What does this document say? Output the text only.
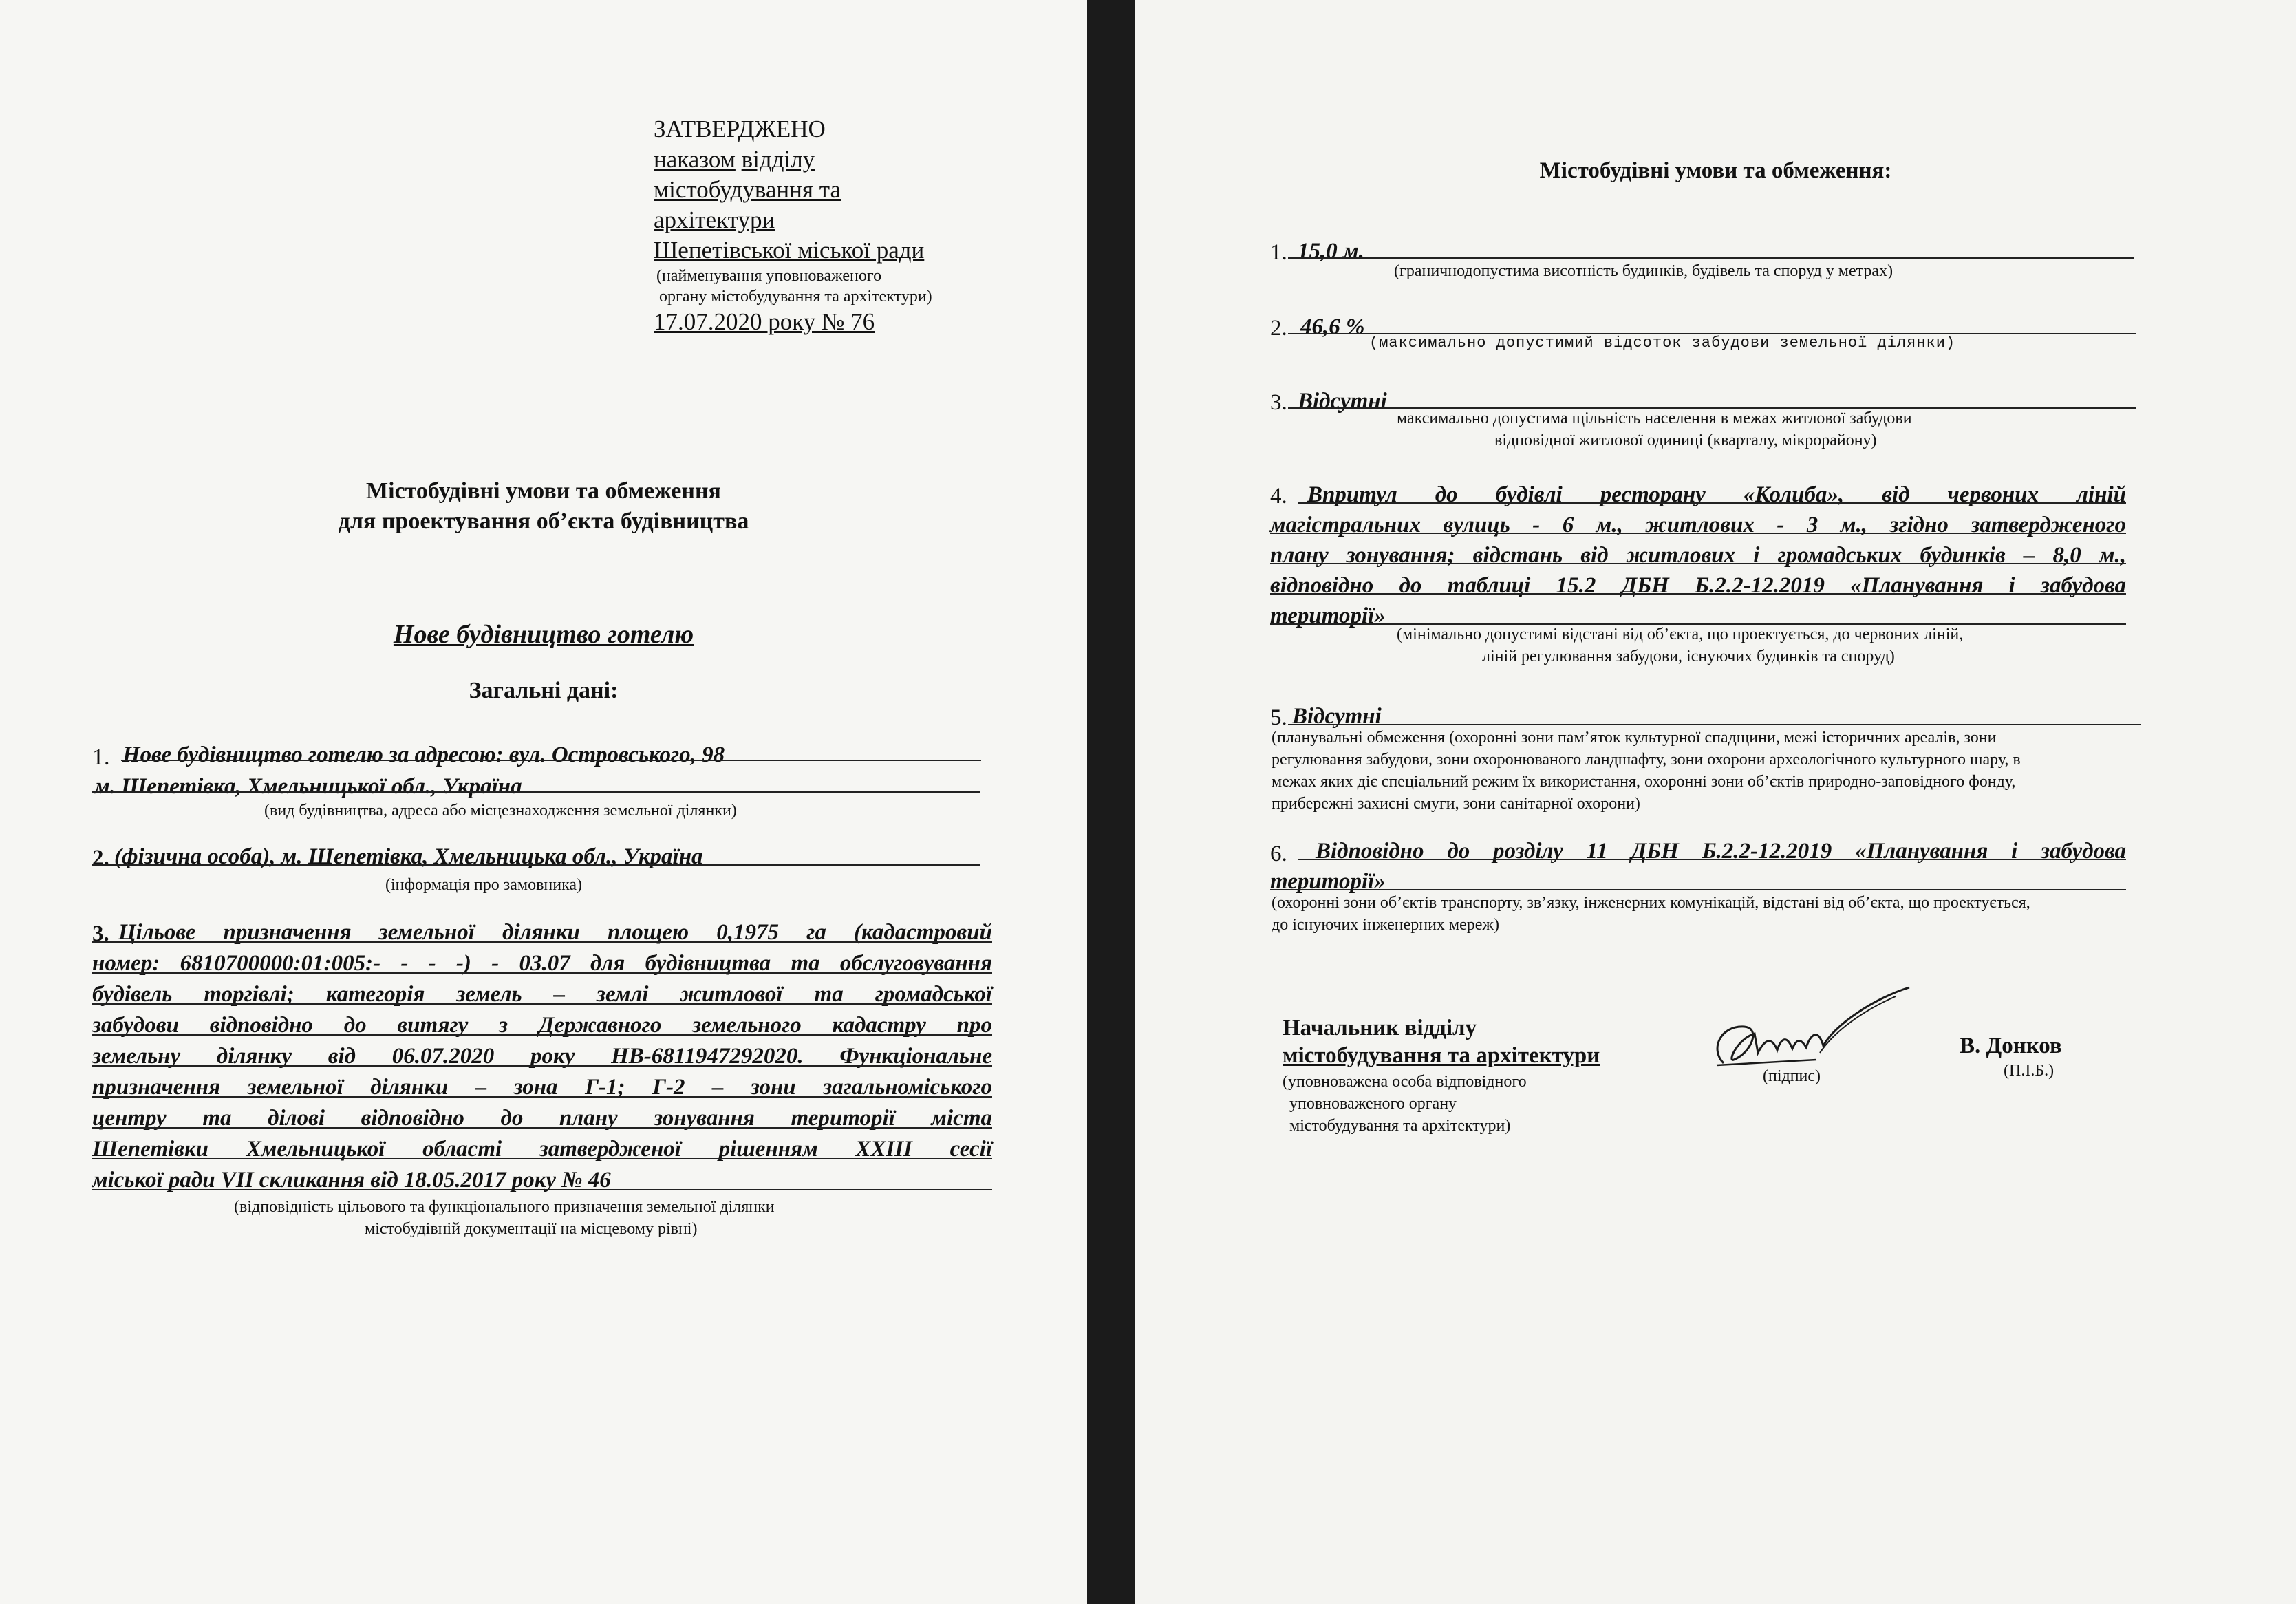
ЗАТВЕРДЖЕНО
наказом відділу
містобудування та
архітектури
Шепетівської міської ради
(найменування уповноваженого
органу містобудування та архітектури)
17.07.2020 року № 76
Містобудівні умови та обмеження
для проектування об’єкта будівництва
Нове будівництво готелю
Загальні дані:
1. Нове будівництво готелю за адресою: вул. Островського, 98
м. Шепетівка, Хмельницької обл., Україна
(вид будівництва, адреса або місцезнаходження земельної ділянки)
2. (фізична особа), м. Шепетівка, Хмельницька обл., Україна
(інформація про замовника)
3. Цільове призначення земельної ділянки площею 0,1975 га (кадастровий
номер: 6810700000:01:005:- - - -) - 03.07 для будівництва та обслуговування
будівель торгівлі; категорія земель – землі житлової та громадської
забудови відповідно до витягу з Державного земельного кадастру про
земельну ділянку від 06.07.2020 року НВ-6811947292020. Функціональне
призначення земельної ділянки – зона Г-1; Г-2 – зони загальноміського
центру та ділові відповідно до плану зонування території міста
Шепетівки Хмельницької області затвердженої рішенням ХХІІІ сесії
міської ради VІІ скликання від 18.05.2017 року № 46
(відповідність цільового та функціонального призначення земельної ділянки
містобудівній документації на місцевому рівні)
Містобудівні умови та обмеження:
1. 15,0 м.
(граничнодопустима висотність будинків, будівель та споруд у метрах)
2. 46,6 %
(максимально допустимий відсоток забудови земельної ділянки)
3. Відсутні
максимально допустима щільність населення в межах житлової забудови
відповідної житлової одиниці (кварталу, мікрорайону)
4. Впритул до будівлі ресторану «Колиба», від червоних ліній
магістральних вулиць - 6 м., житлових - 3 м., згідно затвердженого
плану зонування; відстань від житлових і громадських будинків – 8,0 м.,
відповідно до таблиці 15.2 ДБН Б.2.2-12.2019 «Планування і забудова
території»
(мінімально допустимі відстані від об’єкта, що проектується, до червоних ліній,
ліній регулювання забудови, існуючих будинків та споруд)
5. Відсутні
(планувальні обмеження (охоронні зони пам’яток культурної спадщини, межі історичних ареалів, зони
регулювання забудови, зони охоронюваного ландшафту, зони охорони археологічного культурного шару, в
межах яких діє спеціальний режим їх використання, охоронні зони об’єктів природно-заповідного фонду,
прибережні захисні смуги, зони санітарної охорони)
6. Відповідно до розділу 11 ДБН Б.2.2-12.2019 «Планування і забудова
території»
(охоронні зони об’єктів транспорту, зв’язку, інженерних комунікацій, відстані від об’єкта, що проектується,
до існуючих інженерних мереж)
Начальник відділу
містобудування та архітектури
(уповноважена особа відповідного
уповноваженого органу
містобудування та архітектури)
(підпис)
В. Донков
(П.І.Б.)
